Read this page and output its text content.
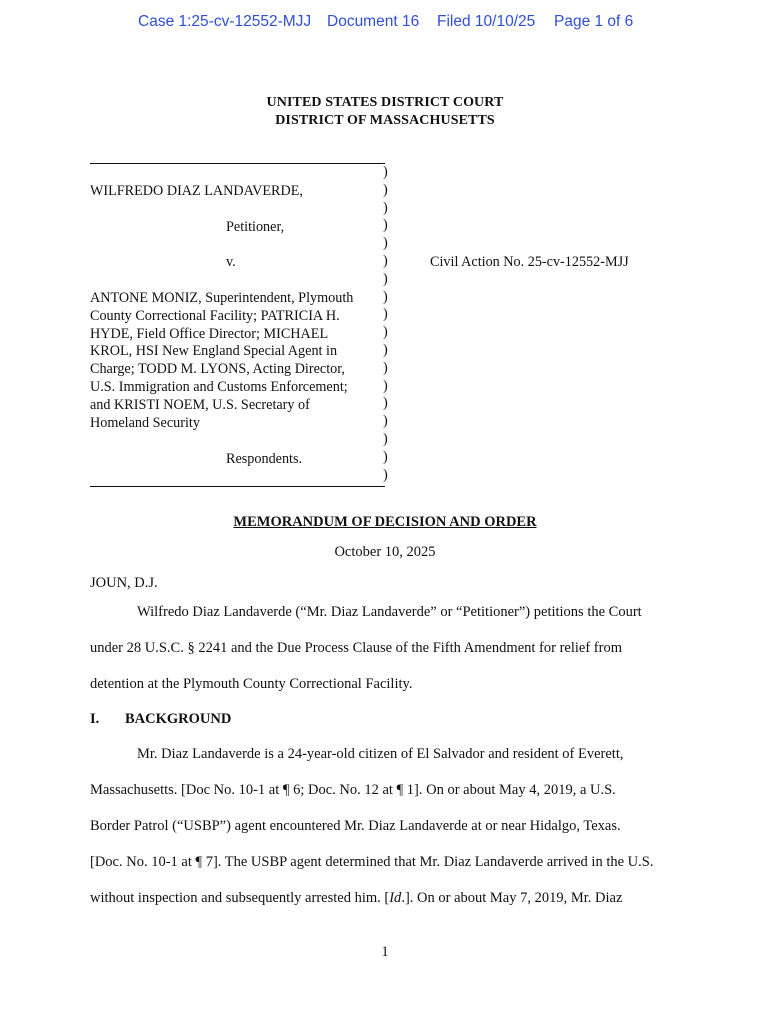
Case 1:25-cv-12552-MJJ Document 16 Filed 10/10/25 Page 1 of 6
UNITED STATES DISTRICT COURT
DISTRICT OF MASSACHUSETTS
WILFREDO DIAZ LANDAVERDE,
Petitioner,
v.	Civil Action No. 25-cv-12552-MJJ
ANTONE MONIZ, Superintendent, Plymouth
County Correctional Facility; PATRICIA H.
HYDE, Field Office Director; MICHAEL
KROL, HSI New England Special Agent in
Charge; TODD M. LYONS, Acting Director,
U.S. Immigration and Customs Enforcement;
and KRISTI NOEM, U.S. Secretary of
Homeland Security
Respondents.
)
)
)
)
)
)
)
)
)
)
)
)
)
)
)
)
)
)
MEMORANDUM OF DECISION AND ORDER
October 10, 2025
JOUN, D.J.
Wilfredo Diaz Landaverde (“Mr. Diaz Landaverde” or “Petitioner”) petitions the Court
under 28 U.S.C. § 2241 and the Due Process Clause of the Fifth Amendment for relief from
detention at the Plymouth County Correctional Facility.
I. BACKGROUND
Mr. Diaz Landaverde is a 24-year-old citizen of El Salvador and resident of Everett,
Massachusetts. [Doc No. 10-1 at ¶ 6; Doc. No. 12 at ¶ 1]. On or about May 4, 2019, a U.S.
Border Patrol (“USBP”) agent encountered Mr. Diaz Landaverde at or near Hidalgo, Texas.
[Doc. No. 10-1 at ¶ 7]. The USBP agent determined that Mr. Diaz Landaverde arrived in the U.S.
without inspection and subsequently arrested him. [Id.]. On or about May 7, 2019, Mr. Diaz
1
